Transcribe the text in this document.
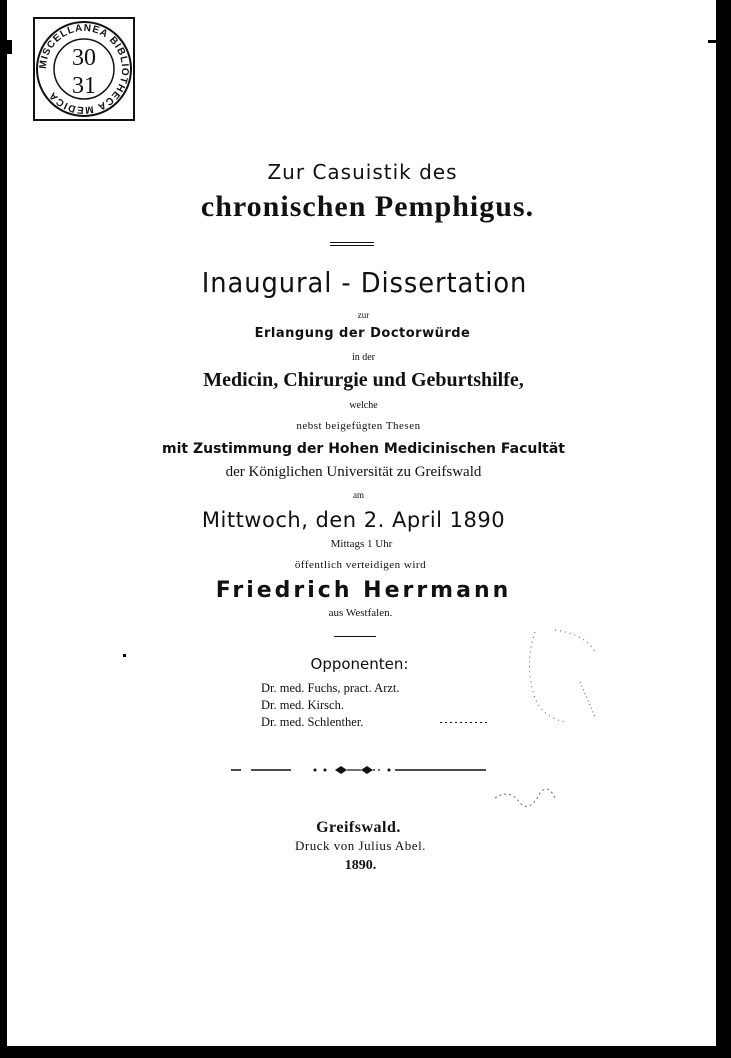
MISCELLANEA BIBLIOTHECA MEDICA
30
31
Zur Casuistik des
chronischen Pemphigus.
Inaugural - Dissertation
zur
Erlangung der Doctorwürde
in der
Medicin, Chirurgie und Geburtshilfe,
welche
nebst beigefügten Thesen
mit Zustimmung der Hohen Medicinischen Facultät
der Königlichen Universität zu Greifswald
am
Mittwoch, den 2. April 1890
Mittags 1 Uhr
öffentlich verteidigen wird
Friedrich Herrmann
aus Westfalen.
Opponenten:
Dr. med. Fuchs, pract. Arzt.
Dr. med. Kirsch.
Dr. med. Schlenther.
Greifswald.
Druck von Julius Abel.
1890.
